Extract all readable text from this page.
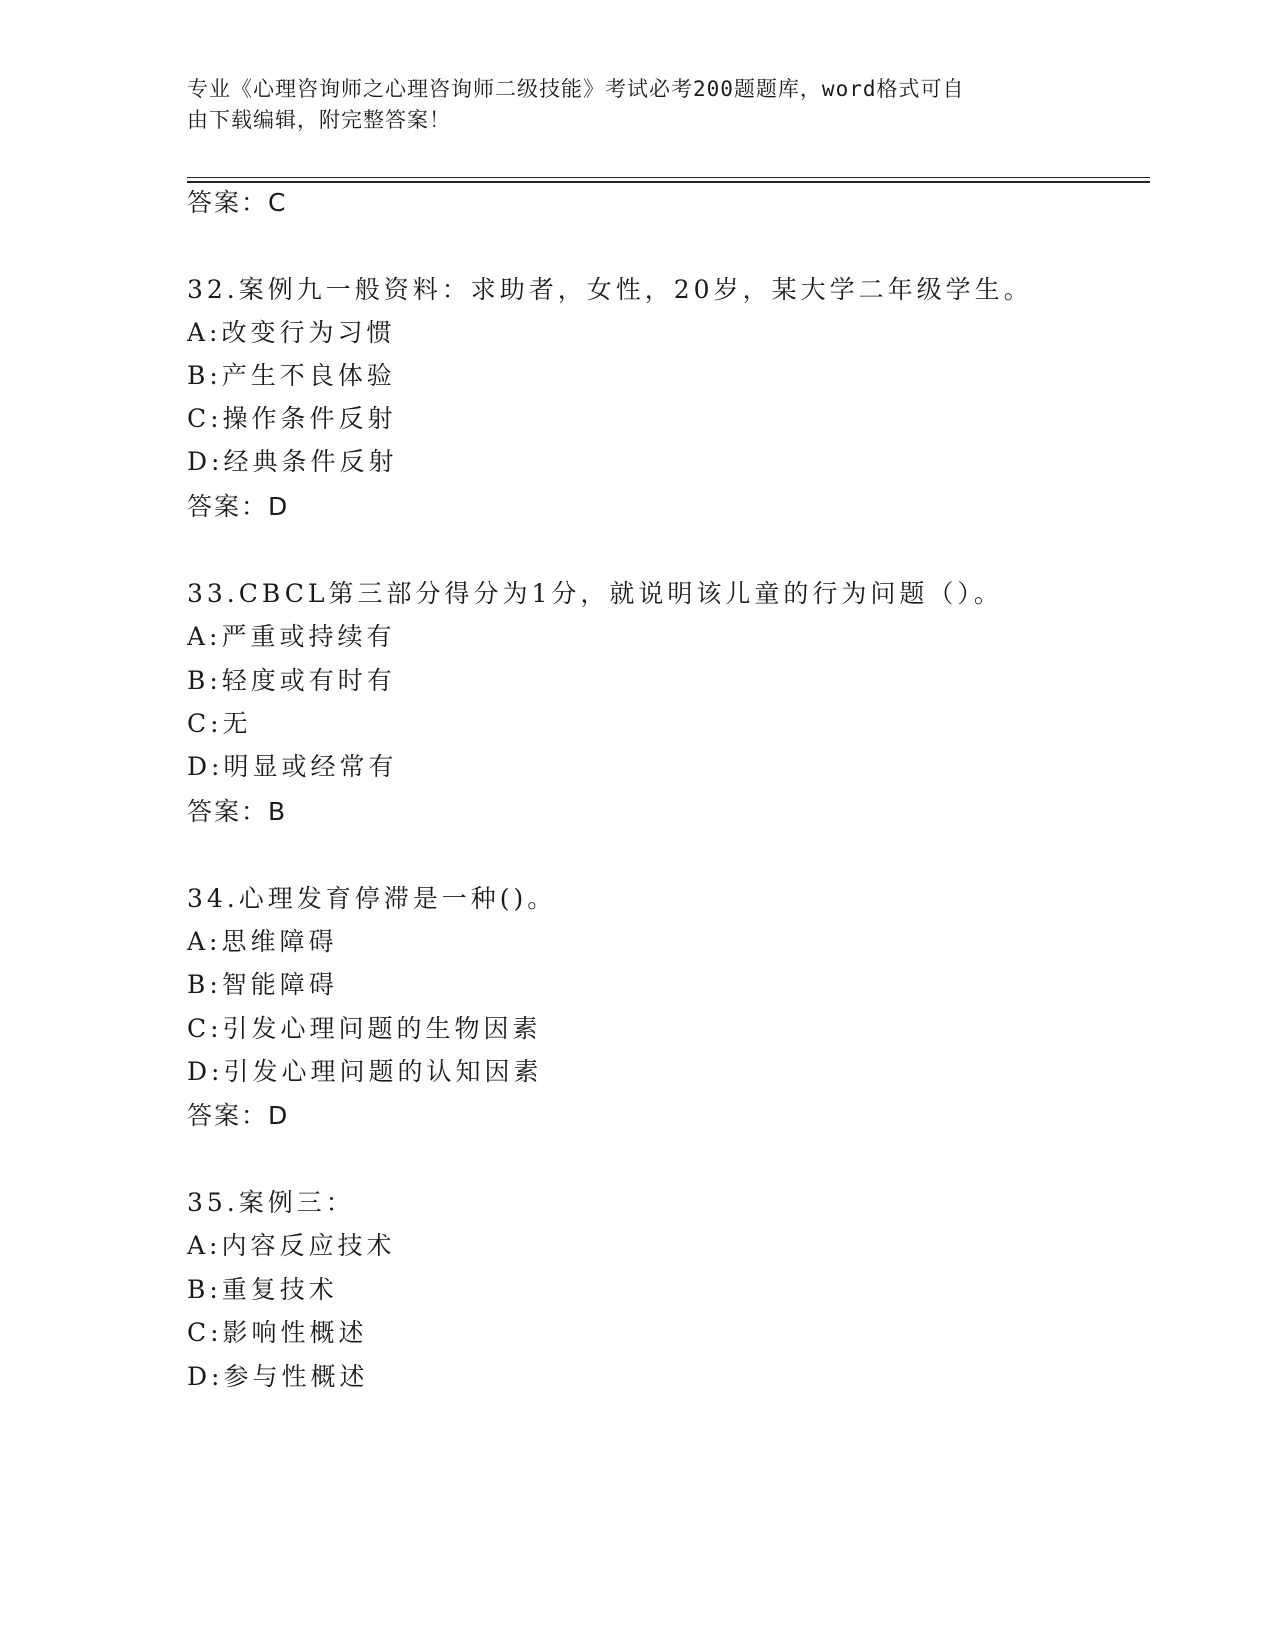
专业《心理咨询师之心理咨询师二级技能》考试必考200题题库，word格式可自
由下载编辑，附完整答案！
答案：C
32.案例九一般资料：求助者，女性，20岁，某大学二年级学生。
A:改变行为习惯
B:产生不良体验
C:操作条件反射
D:经典条件反射
答案：D
33.CBCL第三部分得分为1分，就说明该儿童的行为问题（）。
A:严重或持续有
B:轻度或有时有
C:无
D:明显或经常有
答案：B
34.心理发育停滞是一种()。
A:思维障碍
B:智能障碍
C:引发心理问题的生物因素
D:引发心理问题的认知因素
答案：D
35.案例三：
A:内容反应技术
B:重复技术
C:影响性概述
D:参与性概述
